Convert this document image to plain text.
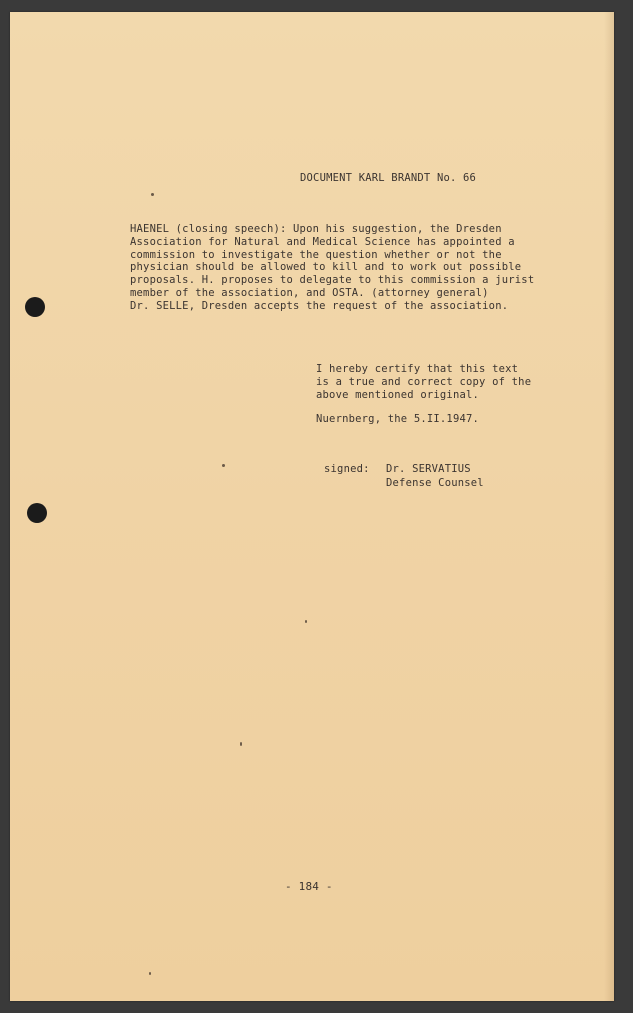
DOCUMENT KARL BRANDT No. 66
HAENEL (closing speech): Upon his suggestion, the Dresden
Association for Natural and Medical Science has appointed a
commission to investigate the question whether or not the
physician should be allowed to kill and to work out possible
proposals. H. proposes to delegate to this commission a jurist
member of the association, and OSTA. (attorney general)
Dr. SELLE, Dresden accepts the request of the association.
I hereby certify that this text
is a true and correct copy of the
above mentioned original.
Nuernberg, the 5.II.1947.
signed: Dr. SERVATIUS
Defense Counsel
- 184 -
